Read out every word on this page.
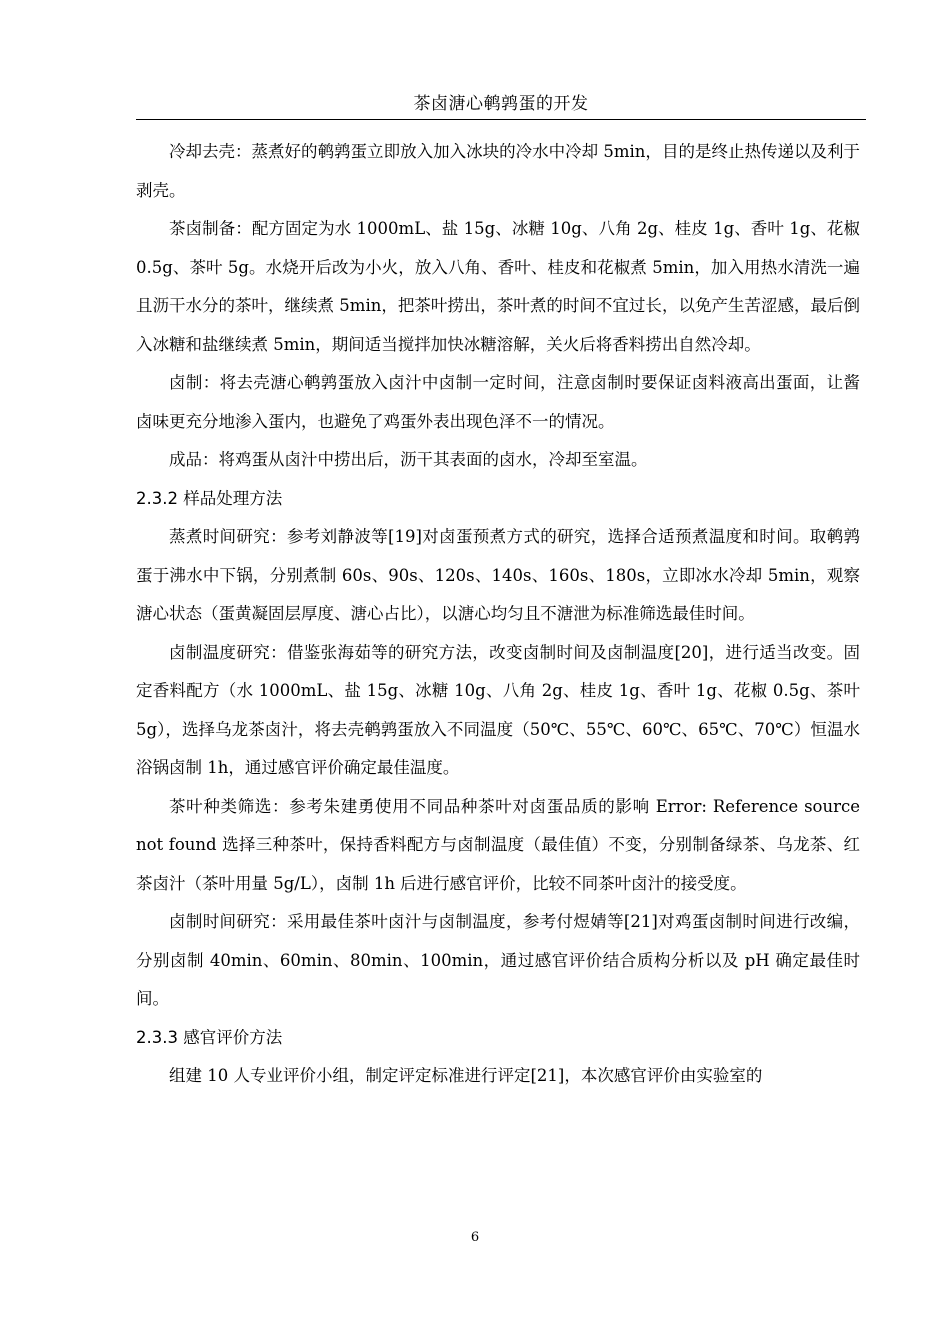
茶卤溏心鹌鹑蛋的开发

冷却去壳：蒸煮好的鹌鹑蛋立即放入加入冰块的冷水中冷却 5min，目的是终止热传递以及利于剥壳。

茶卤制备：配方固定为水 1000mL、盐 15g、冰糖 10g、八角 2g、桂皮 1g、香叶 1g、花椒 0.5g、茶叶 5g。水烧开后改为小火，放入八角、香叶、桂皮和花椒煮 5min，加入用热水清洗一遍且沥干水分的茶叶，继续煮 5min，把茶叶捞出，茶叶煮的时间不宜过长，以免产生苦涩感，最后倒入冰糖和盐继续煮 5min，期间适当搅拌加快冰糖溶解，关火后将香料捞出自然冷却。

卤制：将去壳溏心鹌鹑蛋放入卤汁中卤制一定时间，注意卤制时要保证卤料液高出蛋面，让酱卤味更充分地渗入蛋内，也避免了鸡蛋外表出现色泽不一的情况。

成品：将鸡蛋从卤汁中捞出后，沥干其表面的卤水，冷却至室温。

2.3.2 样品处理方法

蒸煮时间研究：参考刘静波等[19]对卤蛋预煮方式的研究，选择合适预煮温度和时间。取鹌鹑蛋于沸水中下锅，分别煮制 60s、90s、120s、140s、160s、180s，立即冰水冷却 5min，观察溏心状态（蛋黄凝固层厚度、溏心占比），以溏心均匀且不溏泄为标准筛选最佳时间。

卤制温度研究：借鉴张海茹等的研究方法，改变卤制时间及卤制温度[20]，进行适当改变。固定香料配方（水 1000mL、盐 15g、冰糖 10g、八角 2g、桂皮 1g、香叶 1g、花椒 0.5g、茶叶 5g），选择乌龙茶卤汁，将去壳鹌鹑蛋放入不同温度（50℃、55℃、60℃、65℃、70℃）恒温水浴锅卤制 1h，通过感官评价确定最佳温度。

茶叶种类筛选：参考朱建勇使用不同品种茶叶对卤蛋品质的影响 Error: Reference source not found 选择三种茶叶，保持香料配方与卤制温度（最佳值）不变，分别制备绿茶、乌龙茶、红茶卤汁（茶叶用量 5g/L），卤制 1h 后进行感官评价，比较不同茶叶卤汁的接受度。

卤制时间研究：采用最佳茶叶卤汁与卤制温度，参考付煜婧等[21]对鸡蛋卤制时间进行改编，分别卤制 40min、60min、80min、100min，通过感官评价结合质构分析以及 pH 确定最佳时间。

2.3.3 感官评价方法

组建 10 人专业评价小组，制定评定标准进行评定[21]，本次感官评价由实验室的

6
